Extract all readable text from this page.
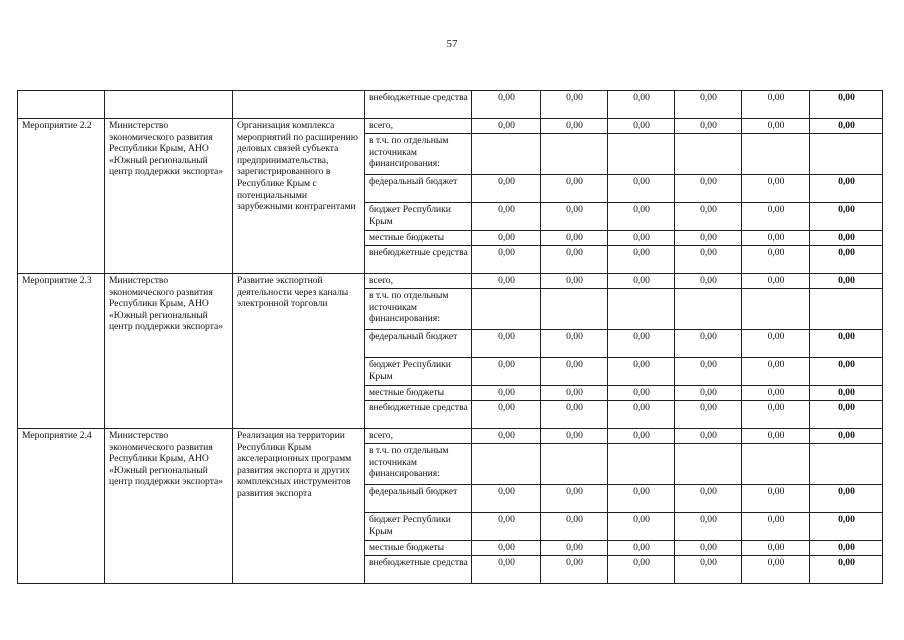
57
			внебюджетные средства	0,00	0,00	0,00	0,00	0,00	0,00
Мероприятие 2.2	Министерство экономического развития Республики Крым, АНО «Южный региональный центр поддержки экспорта»	Организация комплекса мероприятий по расширению деловых связей субъекта предпринимательства, зарегистрированного в Республике Крым с потенциальными зарубежными контрагентами	всего,	0,00	0,00	0,00	0,00	0,00	0,00
			в т.ч. по отдельным источникам финансирования:						
			федеральный бюджет	0,00	0,00	0,00	0,00	0,00	0,00
			бюджет Республики Крым	0,00	0,00	0,00	0,00	0,00	0,00
			местные бюджеты	0,00	0,00	0,00	0,00	0,00	0,00
			внебюджетные средства	0,00	0,00	0,00	0,00	0,00	0,00
Мероприятие 2.3	Министерство экономического развития Республики Крым, АНО «Южный региональный центр поддержки экспорта»	Развитие экспортной деятельности через каналы электронной торговли	всего,	0,00	0,00	0,00	0,00	0,00	0,00
			в т.ч. по отдельным источникам финансирования:						
			федеральный бюджет	0,00	0,00	0,00	0,00	0,00	0,00
			бюджет Республики Крым	0,00	0,00	0,00	0,00	0,00	0,00
			местные бюджеты	0,00	0,00	0,00	0,00	0,00	0,00
			внебюджетные средства	0,00	0,00	0,00	0,00	0,00	0,00
Мероприятие 2.4	Министерство экономического развития Республики Крым, АНО «Южный региональный центр поддержки экспорта»	Реализация на территории Республики Крым акселерационных программ развития экспорта и других комплексных инструментов развития экспорта	всего,	0,00	0,00	0,00	0,00	0,00	0,00
			в т.ч. по отдельным источникам финансирования:						
			федеральный бюджет	0,00	0,00	0,00	0,00	0,00	0,00
			бюджет Республики Крым	0,00	0,00	0,00	0,00	0,00	0,00
			местные бюджеты	0,00	0,00	0,00	0,00	0,00	0,00
			внебюджетные средства	0,00	0,00	0,00	0,00	0,00	0,00
